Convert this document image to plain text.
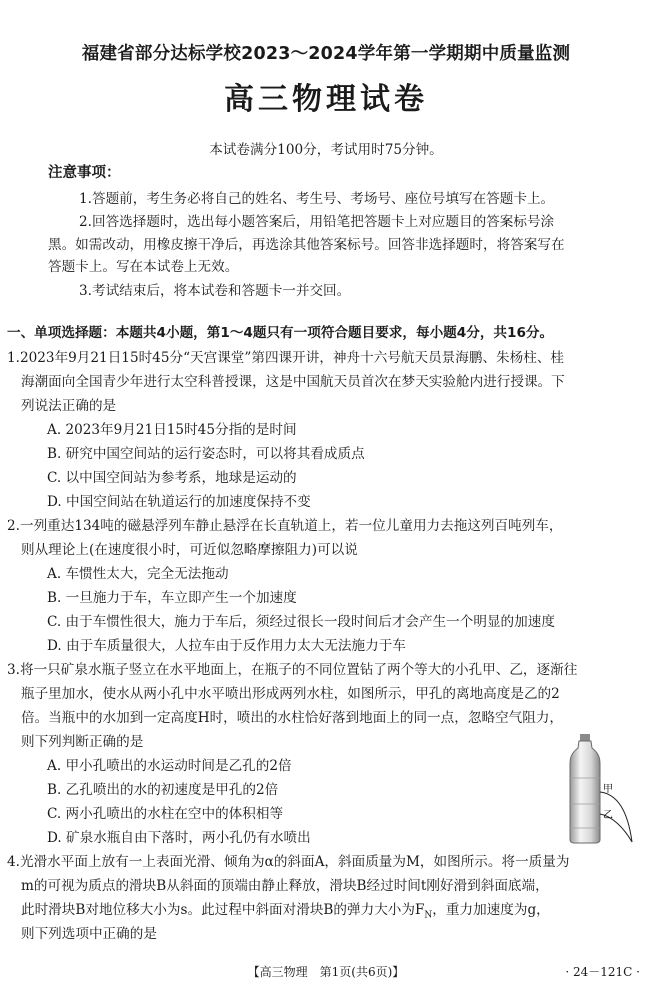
福建省部分达标学校2023～2024学年第一学期期中质量监测
高三物理试卷
本试卷满分100分，考试用时75分钟。
注意事项：
1.答题前，考生务必将自己的姓名、考生号、考场号、座位号填写在答题卡上。
2.回答选择题时，选出每小题答案后，用铅笔把答题卡上对应题目的答案标号涂
黑。如需改动，用橡皮擦干净后，再选涂其他答案标号。回答非选择题时，将答案写在
答题卡上。写在本试卷上无效。
3.考试结束后，将本试卷和答题卡一并交回。
一、单项选择题：本题共4小题，第1～4题只有一项符合题目要求，每小题4分，共16分。
1.2023年9月21日15时45分“天宫课堂”第四课开讲，神舟十六号航天员景海鹏、朱杨柱、桂
海潮面向全国青少年进行太空科普授课，这是中国航天员首次在梦天实验舱内进行授课。下
列说法正确的是
A. 2023年9月21日15时45分指的是时间
B. 研究中国空间站的运行姿态时，可以将其看成质点
C. 以中国空间站为参考系，地球是运动的
D. 中国空间站在轨道运行的加速度保持不变
2.一列重达134吨的磁悬浮列车静止悬浮在长直轨道上，若一位儿童用力去拖这列百吨列车，
则从理论上(在速度很小时，可近似忽略摩擦阻力)可以说
A. 车惯性太大，完全无法拖动
B. 一旦施力于车，车立即产生一个加速度
C. 由于车惯性很大，施力于车后，须经过很长一段时间后才会产生一个明显的加速度
D. 由于车质量很大，人拉车由于反作用力太大无法施力于车
3.将一只矿泉水瓶子竖立在水平地面上，在瓶子的不同位置钻了两个等大的小孔甲、乙，逐渐往
瓶子里加水，使水从两小孔中水平喷出形成两列水柱，如图所示，甲孔的离地高度是乙的2
倍。当瓶中的水加到一定高度H时，喷出的水柱恰好落到地面上的同一点，忽略空气阻力，
则下列判断正确的是
A. 甲小孔喷出的水运动时间是乙孔的2倍
B. 乙孔喷出的水的初速度是甲孔的2倍
C. 两小孔喷出的水柱在空中的体积相等
D. 矿泉水瓶自由下落时，两小孔仍有水喷出
甲
乙
4.光滑水平面上放有一上表面光滑、倾角为α的斜面A，斜面质量为M，如图所示。将一质量为
m的可视为质点的滑块B从斜面的顶端由静止释放，滑块B经过时间t刚好滑到斜面底端，
此时滑块B对地位移大小为s。此过程中斜面对滑块B的弹力大小为$F_N$，重力加速度为g，
则下列选项中正确的是
【高三物理　第1页(共6页)】	· 24－121C ·
